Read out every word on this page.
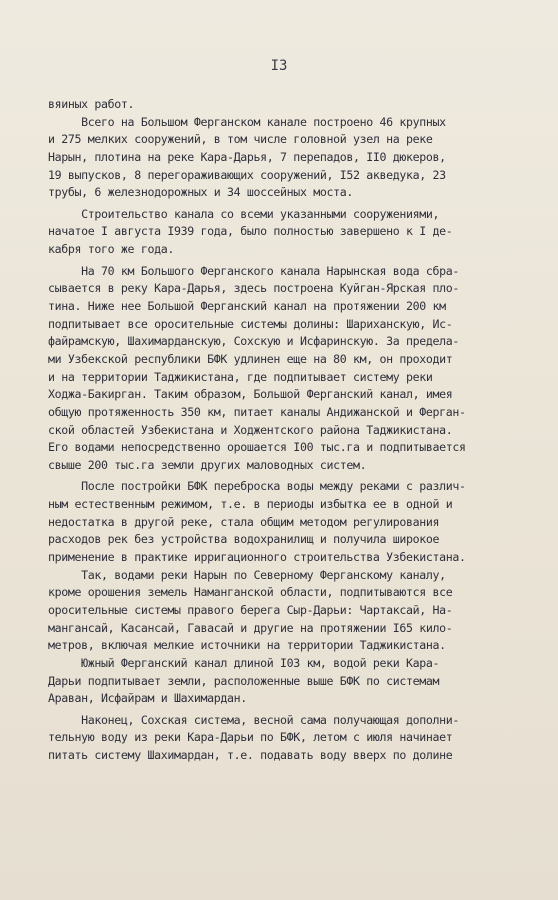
I3
вяиных работ.
Всего на Большом Ферганском канале построено 46 крупных
и 275 мелких сооружений, в том числе головной узел на реке
Нарын, плотина на реке Кара-Дарья, 7 перепадов, II0 дюкеров,
19 выпусков, 8 перегораживающих сооружений, I52 акведука, 23
трубы, 6 железнодорожных и 34 шоссейных моста.
Строительство канала со всеми указанными сооружениями,
начатое I августа I939 года, было полностью завершено к I де-
кабря того же года.
На 70 км Большого Ферганского канала Нарынская вода сбра-
сывается в реку Кара-Дарья, здесь построена Куйган-Ярская пло-
тина. Ниже нее Большой Ферганский канал на протяжении 200 км
подпитывает все оросительные системы долины: Шариханскую, Ис-
файрамскую, Шахимарданскую, Сохскую и Исфаринскую. За предела-
ми Узбекской республики БФК удлинен еще на 80 км, он проходит
и на территории Таджикистана, где подпитывает систему реки
Ходжа-Бакирган. Таким образом, Большой Ферганский канал, имея
общую протяженность 350 км, питает каналы Андижанской и Ферган-
ской областей Узбекистана и Ходжентского района Таджикистана.
Его водами непосредственно орошается I00 тыс.га и подпитывается
свыше 200 тыс.га земли других маловодных систем.
После постройки БФК переброска воды между реками с различ-
ным естественным режимом, т.е. в периоды избытка ее в одной и
недостатка в другой реке, стала общим методом регулирования
расходов рек без устройства водохранилищ и получила широкое
применение в практике ирригационного строительства Узбекистана.
Так, водами реки Нарын по Северному Ферганскому каналу,
кроме орошения земель Наманганской области, подпитываются все
оросительные системы правого берега Сыр-Дарьи: Чартаксай, На-
мангансай, Касансай, Гавасай и другие на протяжении I65 кило-
метров, включая мелкие источники на территории Таджикистана.
Южный Ферганский канал длиной I03 км, водой реки Кара-
Дарьи подпитывает земли, расположенные выше БФК по системам
Араван, Исфайрам и Шахимардан.
Наконец, Сохская система, весной сама получающая дополни-
тельную воду из реки Кара-Дарьи по БФК, летом с июля начинает
питать систему Шахимардан, т.е. подавать воду вверх по долине
